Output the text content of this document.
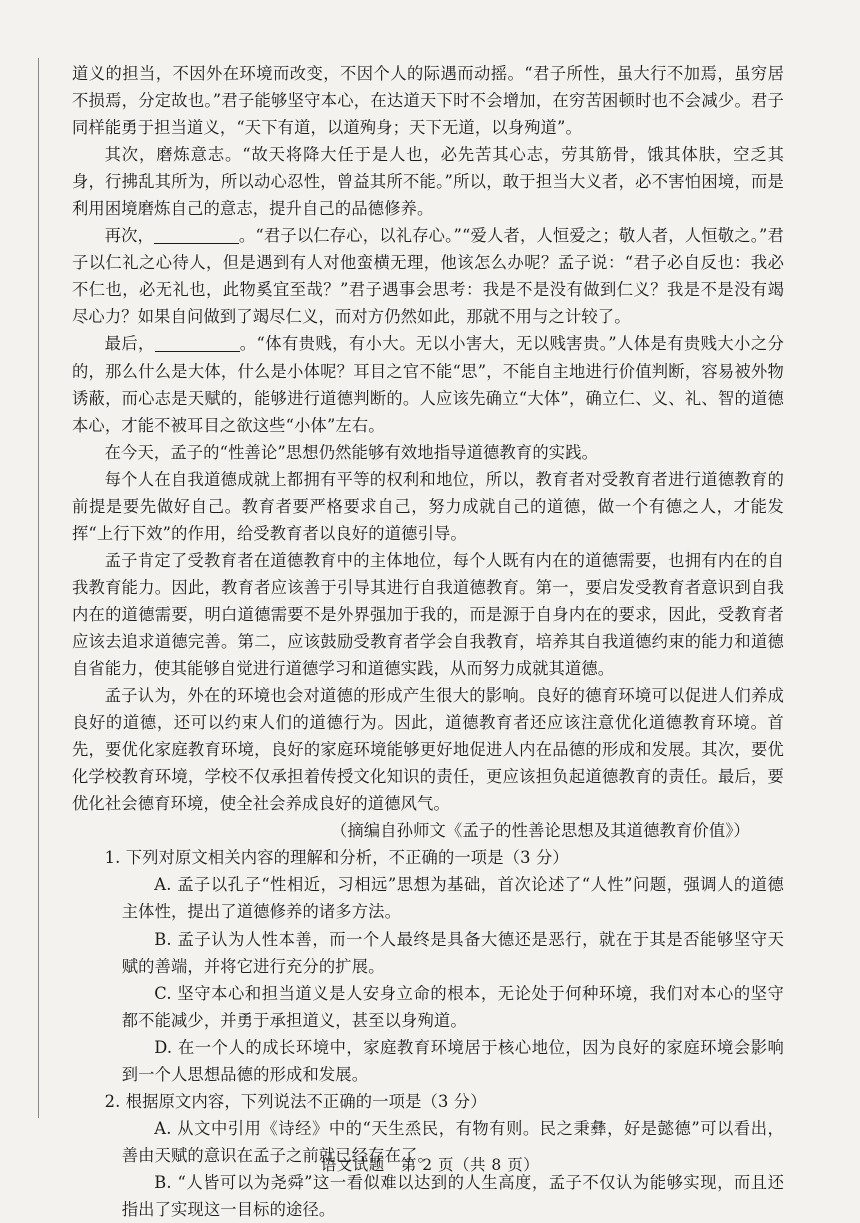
道义的担当，不因外在环境而改变，不因个人的际遇而动摇。“君子所性，虽大行不加焉，虽穷居不损焉，分定故也。”君子能够坚守本心，在达道天下时不会增加，在穷苦困顿时也不会减少。君子同样能勇于担当道义，“天下有道，以道殉身；天下无道，以身殉道”。

其次，磨炼意志。“故天将降大任于是人也，必先苦其心志，劳其筋骨，饿其体肤，空乏其身，行拂乱其所为，所以动心忍性，曾益其所不能。”所以，敢于担当大义者，必不害怕困境，而是利用困境磨炼自己的意志，提升自己的品德修养。

再次，	。“君子以仁存心，以礼存心。”“爱人者，人恒爱之；敬人者，人恒敬之。”君子以仁礼之心待人，但是遇到有人对他蛮横无理，他该怎么办呢？孟子说：“君子必自反也：我必不仁也，必无礼也，此物奚宜至哉？”君子遇事会思考：我是不是没有做到仁义？我是不是没有竭尽心力？如果自问做到了竭尽仁义，而对方仍然如此，那就不用与之计较了。

最后，	。“体有贵贱，有小大。无以小害大，无以贱害贵。”人体是有贵贱大小之分的，那么什么是大体，什么是小体呢？耳目之官不能“思”，不能自主地进行价值判断，容易被外物诱蔽，而心志是天赋的，能够进行道德判断的。人应该先确立“大体”，确立仁、义、礼、智的道德本心，才能不被耳目之欲这些“小体”左右。

在今天，孟子的“性善论”思想仍然能够有效地指导道德教育的实践。

每个人在自我道德成就上都拥有平等的权利和地位，所以，教育者对受教育者进行道德教育的前提是要先做好自己。教育者要严格要求自己，努力成就自己的道德，做一个有德之人，才能发挥“上行下效”的作用，给受教育者以良好的道德引导。

孟子肯定了受教育者在道德教育中的主体地位，每个人既有内在的道德需要，也拥有内在的自我教育能力。因此，教育者应该善于引导其进行自我道德教育。第一，要启发受教育者意识到自我内在的道德需要，明白道德需要不是外界强加于我的，而是源于自身内在的要求，因此，受教育者应该去追求道德完善。第二，应该鼓励受教育者学会自我教育，培养其自我道德约束的能力和道德自省能力，使其能够自觉进行道德学习和道德实践，从而努力成就其道德。

孟子认为，外在的环境也会对道德的形成产生很大的影响。良好的德育环境可以促进人们养成良好的道德，还可以约束人们的道德行为。因此，道德教育者还应该注意优化道德教育环境。首先，要优化家庭教育环境，良好的家庭环境能够更好地促进人内在品德的形成和发展。其次，要优化学校教育环境，学校不仅承担着传授文化知识的责任，更应该担负起道德教育的责任。最后，要优化社会德育环境，使全社会养成良好的道德风气。

（摘编自孙师文《孟子的性善论思想及其道德教育价值》）

1. 下列对原文相关内容的理解和分析，不正确的一项是（3 分）

A. 孟子以孔子“性相近，习相远”思想为基础，首次论述了“人性”问题，强调人的道德主体性，提出了道德修养的诸多方法。

B. 孟子认为人性本善，而一个人最终是具备大德还是恶行，就在于其是否能够坚守天赋的善端，并将它进行充分的扩展。

C. 坚守本心和担当道义是人安身立命的根本，无论处于何种环境，我们对本心的坚守都不能减少，并勇于承担道义，甚至以身殉道。

D. 在一个人的成长环境中，家庭教育环境居于核心地位，因为良好的家庭环境会影响到一个人思想品德的形成和发展。

2. 根据原文内容，下列说法不正确的一项是（3 分）

A. 从文中引用《诗经》中的“天生烝民，有物有则。民之秉彝，好是懿德”可以看出，善由天赋的意识在孟子之前就已经存在了。

B. “人皆可以为尧舜”这一看似难以达到的人生高度，孟子不仅认为能够实现，而且还指出了实现这一目标的途径。

语文试题　第 2 页（共 8 页）
